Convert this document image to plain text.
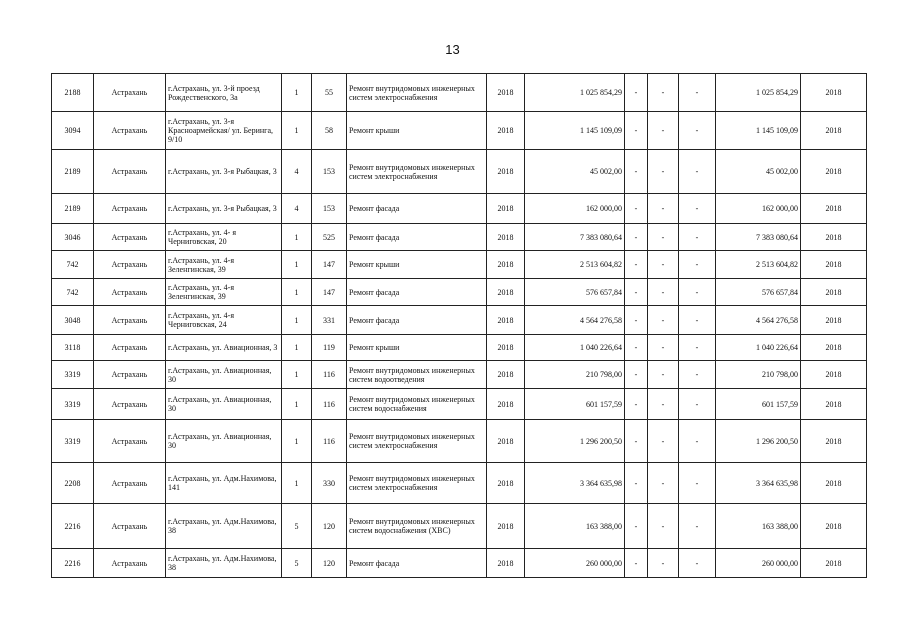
13
2188	Астрахань	г.Астрахань, ул. 3-й проезд Рождественского, 3а	1	55	Ремонт внутридомовых инженерных систем электроснабжения	2018	1 025 854,29	-	-	-	1 025 854,29	2018
3094	Астрахань	г.Астрахань, ул. 3-я Красноармейская/ ул. Беринга, 9/10	1	58	Ремонт крыши	2018	1 145 109,09	-	-	-	1 145 109,09	2018
2189	Астрахань	г.Астрахань, ул. 3-я Рыбацкая, 3	4	153	Ремонт внутридомовых инженерных систем электроснабжения	2018	45 002,00	-	-	-	45 002,00	2018
2189	Астрахань	г.Астрахань, ул. 3-я Рыбацкая, 3	4	153	Ремонт фасада	2018	162 000,00	-	-	-	162 000,00	2018
3046	Астрахань	г.Астрахань, ул. 4- я Черниговская, 20	1	525	Ремонт фасада	2018	7 383 080,64	-	-	-	7 383 080,64	2018
742	Астрахань	г.Астрахань, ул. 4-я Зеленгинская, 39	1	147	Ремонт крыши	2018	2 513 604,82	-	-	-	2 513 604,82	2018
742	Астрахань	г.Астрахань, ул. 4-я Зеленгинская, 39	1	147	Ремонт фасада	2018	576 657,84	-	-	-	576 657,84	2018
3048	Астрахань	г.Астрахань, ул. 4-я Черниговская, 24	1	331	Ремонт фасада	2018	4 564 276,58	-	-	-	4 564 276,58	2018
3118	Астрахань	г.Астрахань, ул. Авиационная, 3	1	119	Ремонт крыши	2018	1 040 226,64	-	-	-	1 040 226,64	2018
3319	Астрахань	г.Астрахань, ул. Авиационная, 30	1	116	Ремонт внутридомовых инженерных систем водоотведения	2018	210 798,00	-	-	-	210 798,00	2018
3319	Астрахань	г.Астрахань, ул. Авиационная, 30	1	116	Ремонт внутридомовых инженерных систем водоснабжения	2018	601 157,59	-	-	-	601 157,59	2018
3319	Астрахань	г.Астрахань, ул. Авиационная, 30	1	116	Ремонт внутридомовых инженерных систем электроснабжения	2018	1 296 200,50	-	-	-	1 296 200,50	2018
2208	Астрахань	г.Астрахань, ул. Адм.Нахимова, 141	1	330	Ремонт внутридомовых инженерных систем электроснабжения	2018	3 364 635,98	-	-	-	3 364 635,98	2018
2216	Астрахань	г.Астрахань, ул. Адм.Нахимова, 38	5	120	Ремонт внутридомовых инженерных систем водоснабжения (ХВС)	2018	163 388,00	-	-	-	163 388,00	2018
2216	Астрахань	г.Астрахань, ул. Адм.Нахимова, 38	5	120	Ремонт фасада	2018	260 000,00	-	-	-	260 000,00	2018
